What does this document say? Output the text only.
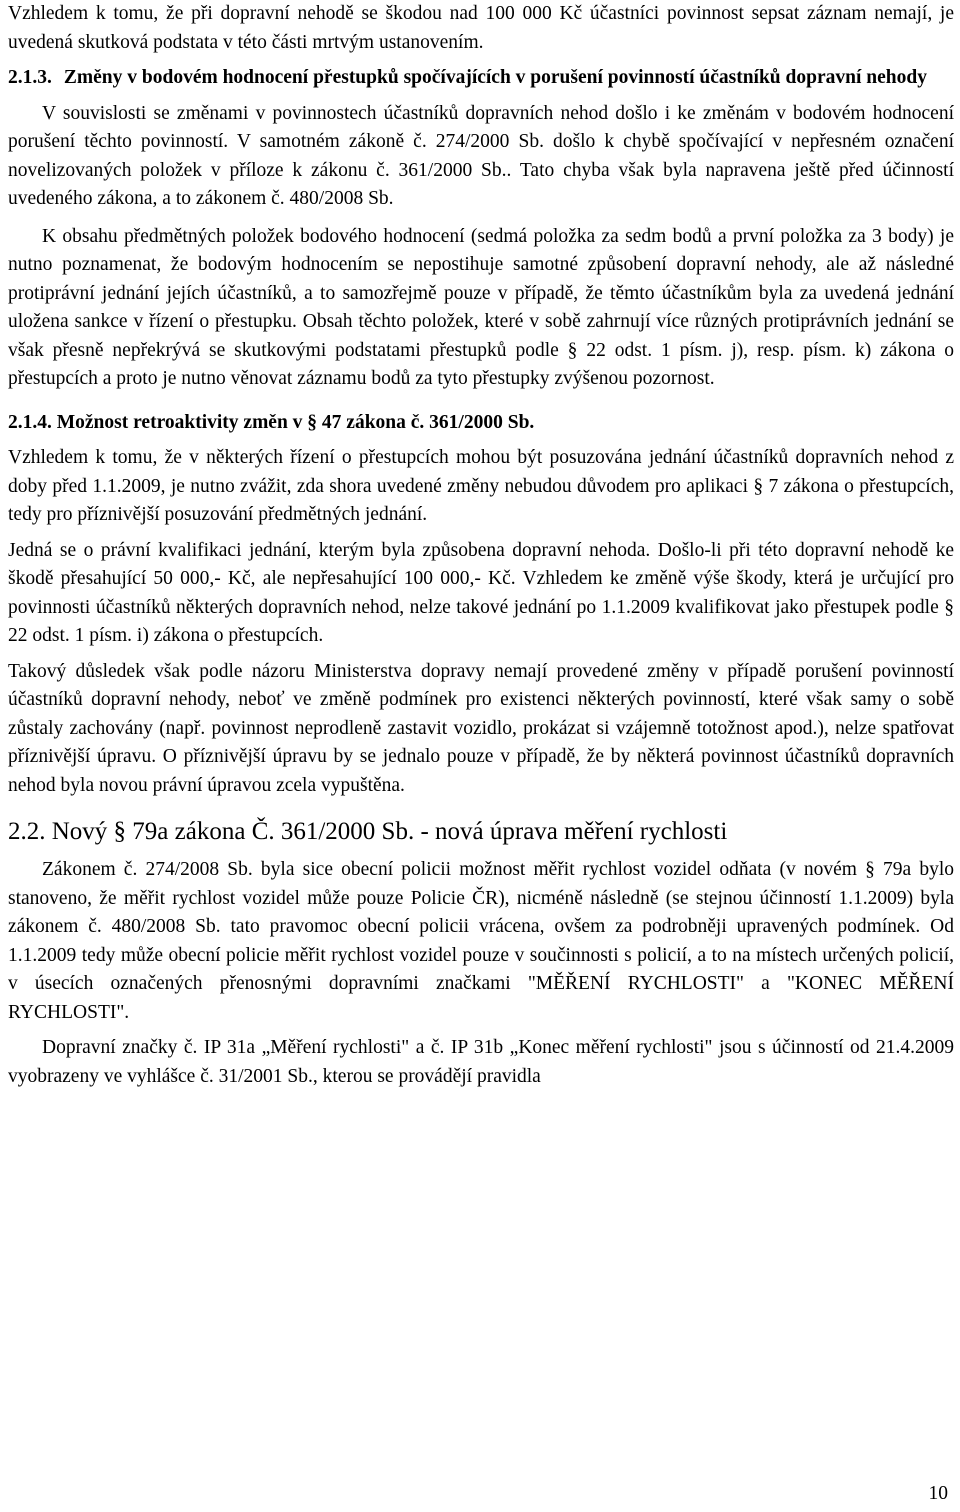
Vzhledem k tomu, že při dopravní nehodě se škodou nad 100 000 Kč účastníci povinnost sepsat záznam nemají, je uvedená skutková podstata v této části mrtvým ustanovením.

2.1.3. Změny v bodovém hodnocení přestupků spočívajících v porušení povinností účastníků dopravní nehody

V souvislosti se změnami v povinnostech účastníků dopravních nehod došlo i ke změnám v bodovém hodnocení porušení těchto povinností. V samotném zákoně č. 274/2000 Sb. došlo k chybě spočívající v nepřesném označení novelizovaných položek v příloze k zákonu č. 361/2000 Sb.. Tato chyba však byla napravena ještě před účinností uvedeného zákona, a to zákonem č. 480/2008 Sb.

K obsahu předmětných položek bodového hodnocení (sedmá položka za sedm bodů a první položka za 3 body) je nutno poznamenat, že bodovým hodnocením se nepostihuje samotné způsobení dopravní nehody, ale až následné protiprávní jednání jejích účastníků, a to samozřejmě pouze v případě, že těmto účastníkům byla za uvedená jednání uložena sankce v řízení o přestupku. Obsah těchto položek, které v sobě zahrnují více různých protiprávních jednání se však přesně nepřekrývá se skutkovými podstatami přestupků podle § 22 odst. 1 písm. j), resp. písm. k) zákona o přestupcích a proto je nutno věnovat záznamu bodů za tyto přestupky zvýšenou pozornost.

2.1.4. Možnost retroaktivity změn v § 47 zákona č. 361/2000 Sb.

Vzhledem k tomu, že v některých řízení o přestupcích mohou být posuzována jednání účastníků dopravních nehod z doby před 1.1.2009, je nutno zvážit, zda shora uvedené změny nebudou důvodem pro aplikaci § 7 zákona o přestupcích, tedy pro příznivější posuzování předmětných jednání.

Jedná se o právní kvalifikaci jednání, kterým byla způsobena dopravní nehoda. Došlo-li při této dopravní nehodě ke škodě přesahující 50 000,- Kč, ale nepřesahující 100 000,- Kč. Vzhledem ke změně výše škody, která je určující pro povinnosti účastníků některých dopravních nehod, nelze takové jednání po 1.1.2009 kvalifikovat jako přestupek podle § 22 odst. 1 písm. i) zákona o přestupcích.

Takový důsledek však podle názoru Ministerstva dopravy nemají provedené změny v případě porušení povinností účastníků dopravní nehody, neboť ve změně podmínek pro existenci některých povinností, které však samy o sobě zůstaly zachovány (např. povinnost neprodleně zastavit vozidlo, prokázat si vzájemně totožnost apod.), nelze spatřovat příznivější úpravu. O příznivější úpravu by se jednalo pouze v případě, že by některá povinnost účastníků dopravních nehod byla novou právní úpravou zcela vypuštěna.

2.2. Nový § 79a zákona Č. 361/2000 Sb. - nová úprava měření rychlosti

Zákonem č. 274/2008 Sb. byla sice obecní policii možnost měřit rychlost vozidel odňata (v novém § 79a bylo stanoveno, že měřit rychlost vozidel může pouze Policie ČR), nicméně následně (se stejnou účinností 1.1.2009) byla zákonem č. 480/2008 Sb. tato pravomoc obecní policii vrácena, ovšem za podrobněji upravených podmínek. Od 1.1.2009 tedy může obecní policie měřit rychlost vozidel pouze v součinnosti s policií, a to na místech určených policií, v úsecích označených přenosnými dopravními značkami "MĚŘENÍ RYCHLOSTI" a "KONEC MĚŘENÍ RYCHLOSTI".

Dopravní značky č. IP 31a „Měření rychlosti" a č. IP 31b „Konec měření rychlosti" jsou s účinností od 21.4.2009 vyobrazeny ve vyhlášce č. 31/2001 Sb., kterou se provádějí pravidla

10
